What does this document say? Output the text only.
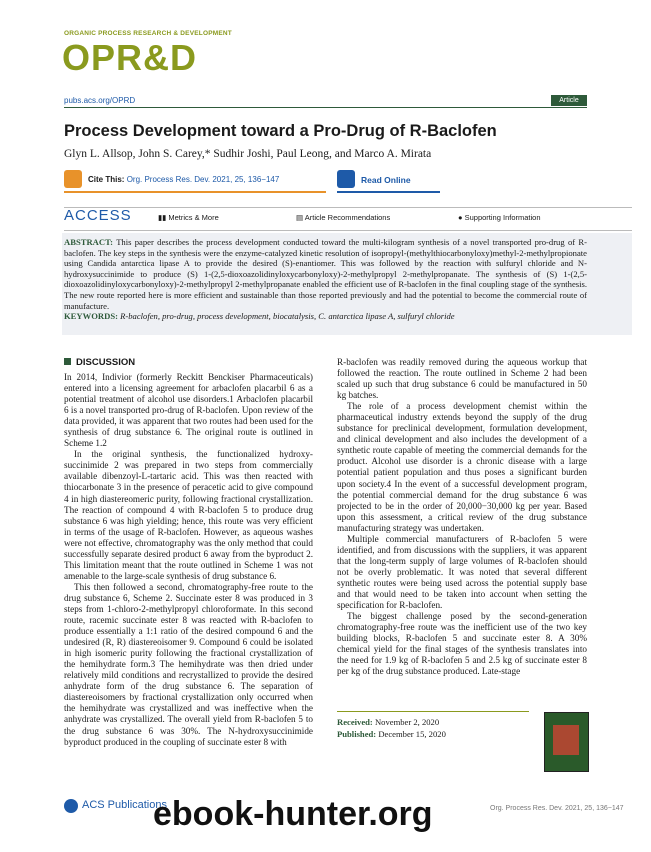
ORGANIC PROCESS RESEARCH & DEVELOPMENT
OPR&D
pubs.acs.org/OPRD	Article
Process Development toward a Pro-Drug of R-Baclofen
Glyn L. Allsop, John S. Carey,* Sudhir Joshi, Paul Leong, and Marco A. Mirata
Cite This: Org. Process Res. Dev. 2021, 25, 136−147	Read Online
ACCESS	▮▮ Metrics & More	▤ Article Recommendations	● Supporting Information
ABSTRACT: This paper describes the process development conducted toward the multi-kilogram synthesis of a novel transported pro-drug of R-baclofen. The key steps in the synthesis were the enzyme-catalyzed kinetic resolution of isopropyl-(methylthiocarbonyloxy)methyl-2-methylpropionate using Candida antarctica lipase A to provide the desired (S)-enantiomer. This was followed by the reaction with sulfuryl chloride and N-hydroxysuccinimide to produce (S) 1-(2,5-dioxoazolidinyloxycarbonyloxy)-2-methylpropyl 2-methylpropanate. The synthesis of (S) 1-(2,5-dioxoazolidinyloxycarbonyloxy)-2-methylpropyl 2-methylpropanate enabled the efficient use of R-baclofen in the final coupling stage of the synthesis. The new route reported here is more efficient and sustainable than those reported previously and had the potential to become the commercial route of manufacture.
KEYWORDS: R-baclofen, pro-drug, process development, biocatalysis, C. antarctica lipase A, sulfuryl chloride
DISCUSSION

In 2014, Indivior (formerly Reckitt Benckiser Pharmaceuticals) entered into a licensing agreement for arbaclofen placarbil 6 as a potential treatment of alcohol use disorders.1 Arbaclofen placarbil 6 is a novel transported pro-drug of R-baclofen. Upon review of the data provided, it was apparent that two routes had been used for the synthesis of drug substance 6. The original route is outlined in Scheme 1.2

In the original synthesis, the functionalized hydroxy-succinimide 2 was prepared in two steps from commercially available dibenzoyl-L-tartaric acid. This was then reacted with thiocarbonate 3 in the presence of peracetic acid to give compound 4 in high diastereomeric purity, following fractional crystallization. The reaction of compound 4 with R-baclofen 5 to produce drug substance 6 was high yielding; hence, this route was very efficient in terms of the usage of R-baclofen. However, as aqueous washes were not effective, chromatography was the only method that could successfully separate desired product 6 away from the byproduct 2. This limitation meant that the route outlined in Scheme 1 was not amenable to the large-scale synthesis of drug substance 6.

This then followed a second, chromatography-free route to the drug substance 6, Scheme 2. Succinate ester 8 was produced in 3 steps from 1-chloro-2-methylpropyl chloroformate. In this second route, racemic succinate ester 8 was reacted with R-baclofen to produce essentially a 1:1 ratio of the desired compound 6 and the undesired (R, R) diastereoisomer 9. Compound 6 could be isolated in high isomeric purity following the fractional crystallization of the hemihydrate form.3 The hemihydrate was then dried under relatively mild conditions and recrystallized to provide the desired anhydrate form of the drug substance 6. The separation of diastereoisomers by fractional crystallization only occurred when the hemihydrate was crystallized and was ineffective when the anhydrate was crystallized. The overall yield from R-baclofen 5 to the drug substance 6 was 30%. The N-hydroxysuccinimide byproduct produced in the coupling of succinate ester 8 with

R-baclofen was readily removed during the aqueous workup that followed the reaction. The route outlined in Scheme 2 had been scaled up such that drug substance 6 could be manufactured in 50 kg batches.

The role of a process development chemist within the pharmaceutical industry extends beyond the supply of the drug substance for preclinical development, formulation development, and clinical development and also includes the development of a synthetic route capable of meeting the commercial demands for the product. Alcohol use disorder is a chronic disease with a large potential patient population and thus poses a significant burden upon society.4 In the event of a successful development program, the potential commercial demand for the drug substance 6 was projected to be in the order of 20,000−30,000 kg per year. Based upon this assessment, a critical review of the drug substance manufacturing strategy was undertaken.

Multiple commercial manufacturers of R-baclofen 5 were identified, and from discussions with the suppliers, it was apparent that the long-term supply of large volumes of R-baclofen should not be overly problematic. It was noted that several different synthetic routes were being used across the potential supply base and that would need to be taken into account when setting the specification for R-baclofen.

The biggest challenge posed by the second-generation chromatography-free route was the inefficient use of the two key building blocks, R-baclofen 5 and succinate ester 8. A 30% chemical yield for the final stages of the synthesis translates into the need for 1.9 kg of R-baclofen 5 and 2.5 kg of succinate ester 8 per kg of the drug substance produced. Late-stage

Received: November 2, 2020
Published: December 15, 2020
ACS Publications	Org. Process Res. Dev. 2021, 25, 136−147
ebook-hunter.org
